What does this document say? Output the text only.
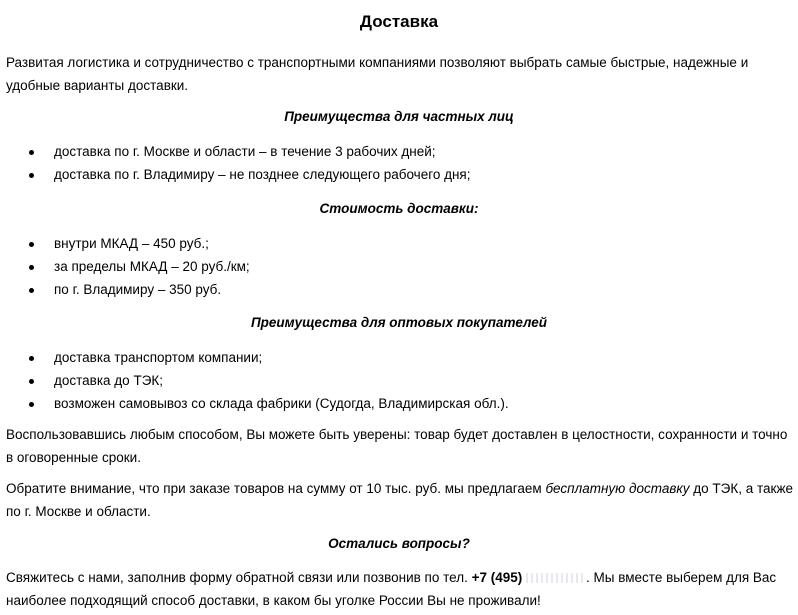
Доставка
Развитая логистика и сотрудничество с транспортными компаниями позволяют выбрать самые быстрые, надежные и удобные варианты доставки.
Преимущества для частных лиц
доставка по г. Москве и области – в течение 3 рабочих дней;
доставка по г. Владимиру – не позднее следующего рабочего дня;
Стоимость доставки:
внутри МКАД – 450 руб.;
за пределы МКАД – 20 руб./км;
по г. Владимиру – 350 руб.
Преимущества для оптовых покупателей
доставка транспортом компании;
доставка до ТЭК;
возможен самовывоз со склада фабрики (Судогда, Владимирская обл.).
Воспользовавшись любым способом, Вы можете быть уверены: товар будет доставлен в целостности, сохранности и точно в оговоренные сроки.
Обратите внимание, что при заказе товаров на сумму от 10 тыс. руб. мы предлагаем бесплатную доставку до ТЭК, а также по г. Москве и области.
Остались вопросы?
Свяжитесь с нами, заполнив форму обратной связи или позвонив по тел. +7 (495)	. Мы вместе выберем для Вас наиболее подходящий способ доставки, в каком бы уголке России Вы не проживали!
